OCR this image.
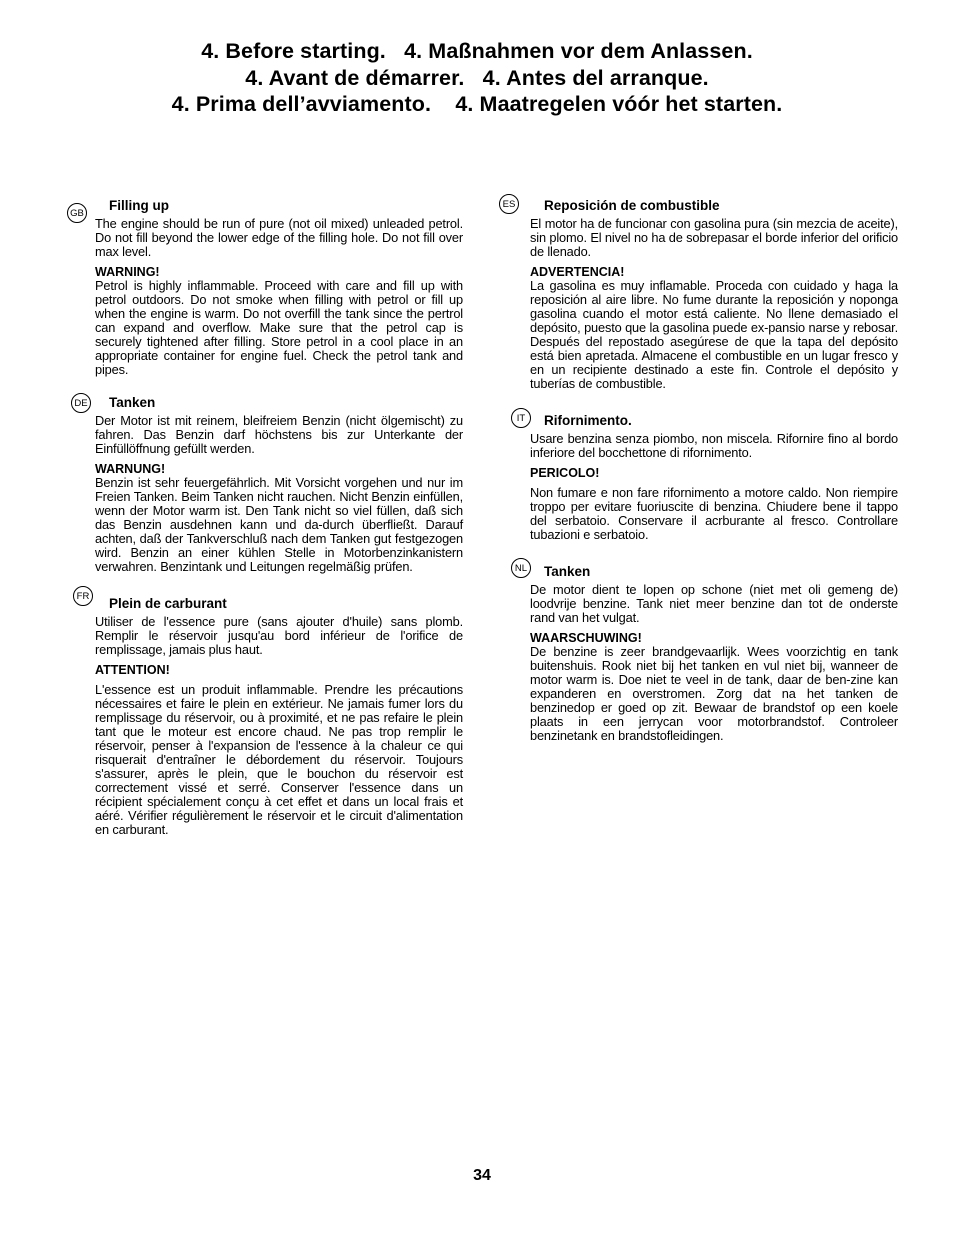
4. Before starting.   4. Maßnahmen vor dem Anlassen.
4. Avant de démarrer.   4. Antes del arranque.
4. Prima dell’avviamento.    4. Maatregelen vóór het starten.
GB
Filling up

The engine should be run of pure (not oil mixed) unleaded petrol. Do not fill beyond the lower edge of the filling hole. Do not fill over max level.

WARNING!

Petrol is highly inflammable. Proceed with care and fill up with petrol outdoors. Do not smoke when filling with petrol or fill up when the engine is warm. Do not overfill the tank since the pertrol can expand and overflow. Make sure that the petrol cap is securely tightened after filling. Store petrol in a cool place in an appropriate container for engine fuel. Check the petrol tank and pipes.

DE Tanken

Der Motor ist mit reinem, bleifreiem Benzin (nicht ölgemischt) zu fahren. Das Benzin darf höchstens bis zur Unterkante der Einfüllöffnung gefüllt werden.

WARNUNG!

Benzin ist sehr feuergefährlich. Mit Vorsicht vorgehen und nur im Freien Tanken. Beim Tanken nicht rauchen. Nicht Benzin einfüllen, wenn der Motor warm ist. Den Tank nicht so viel füllen, daß sich das Benzin ausdehnen kann und da-durch überfließt. Darauf achten, daß der Tankverschluß nach dem Tanken gut festgezogen wird. Benzin an einer kühlen Stelle in Motorbenzinkanistern verwahren. Benzintank und Leitungen regelmäßig prüfen.

FR Plein de carburant

Utiliser de l'essence pure (sans ajouter d'huile) sans plomb. Remplir le réservoir jusqu'au bord inférieur de l'orifice de remplissage, jamais plus haut.

ATTENTION!

L'essence est un produit inflammable. Prendre les précautions nécessaires et faire le plein en extérieur. Ne jamais fumer lors du remplissage du réservoir, ou à proximité, et ne pas refaire le plein tant que le moteur est encore chaud. Ne pas trop remplir le réservoir, penser à l'expansion de l'essence à la chaleur ce qui risquerait d'entraîner le débordement du réservoir. Toujours s'assurer, après le plein, que le bouchon du réservoir est correctement vissé et serré. Conserver l'essence dans un récipient spécialement conçu à cet effet et dans un local frais et aéré. Vérifier régulièrement le réservoir et le circuit d'alimentation en carburant.

ES Reposición de combustible

El motor ha de funcionar con gasolina pura (sin mezcia de aceite), sin plomo. El nivel no ha de sobrepasar el borde inferior del orificio de llenado.

ADVERTENCIA!

La gasolina es muy inflamable. Proceda con cuidado y haga la reposición al aire libre. No fume durante la reposición y noponga gasolina cuando el motor está caliente. No llene demasiado el depósito, puesto que la gasolina puede ex-pansio narse y rebosar. Después del repostado asegúrese de que la tapa del depósito está bien apretada. Almacene el combustible en un lugar fresco y en un recipiente destinado a este fin. Controle el depósito y tuberías de combustible.

IT	Rifornimento.

Usare benzina senza piombo, non miscela. Rifornire fino al bordo inferiore del bocchettone di rifornimento.

PERICOLO!

Non fumare e non fare rifornimento a motore caldo. Non riempire troppo per evitare fuoriuscite di benzina. Chiudere bene il tappo del serbatoio. Conservare il acrburante al fresco. Controllare tubazioni e serbatoio.

NL Tanken

De motor dient te lopen op schone (niet met oli gemeng de) loodvrije benzine. Tank niet meer benzine dan tot de onderste rand van het vulgat.

WAARSCHUWING!

De benzine is zeer brandgevaarlijk. Wees voorzichtig en tank buitenshuis. Rook niet bij het tanken en vul niet bij, wanneer de motor warm is. Doe niet te veel in de tank, daar de ben-zine kan expanderen en overstromen. Zorg dat na het tanken de benzinedop er goed op zit. Bewaar de brandstof op een koele plaats in een jerrycan voor motorbrandstof. Controleer benzinetank en brandstofleidingen.

34
